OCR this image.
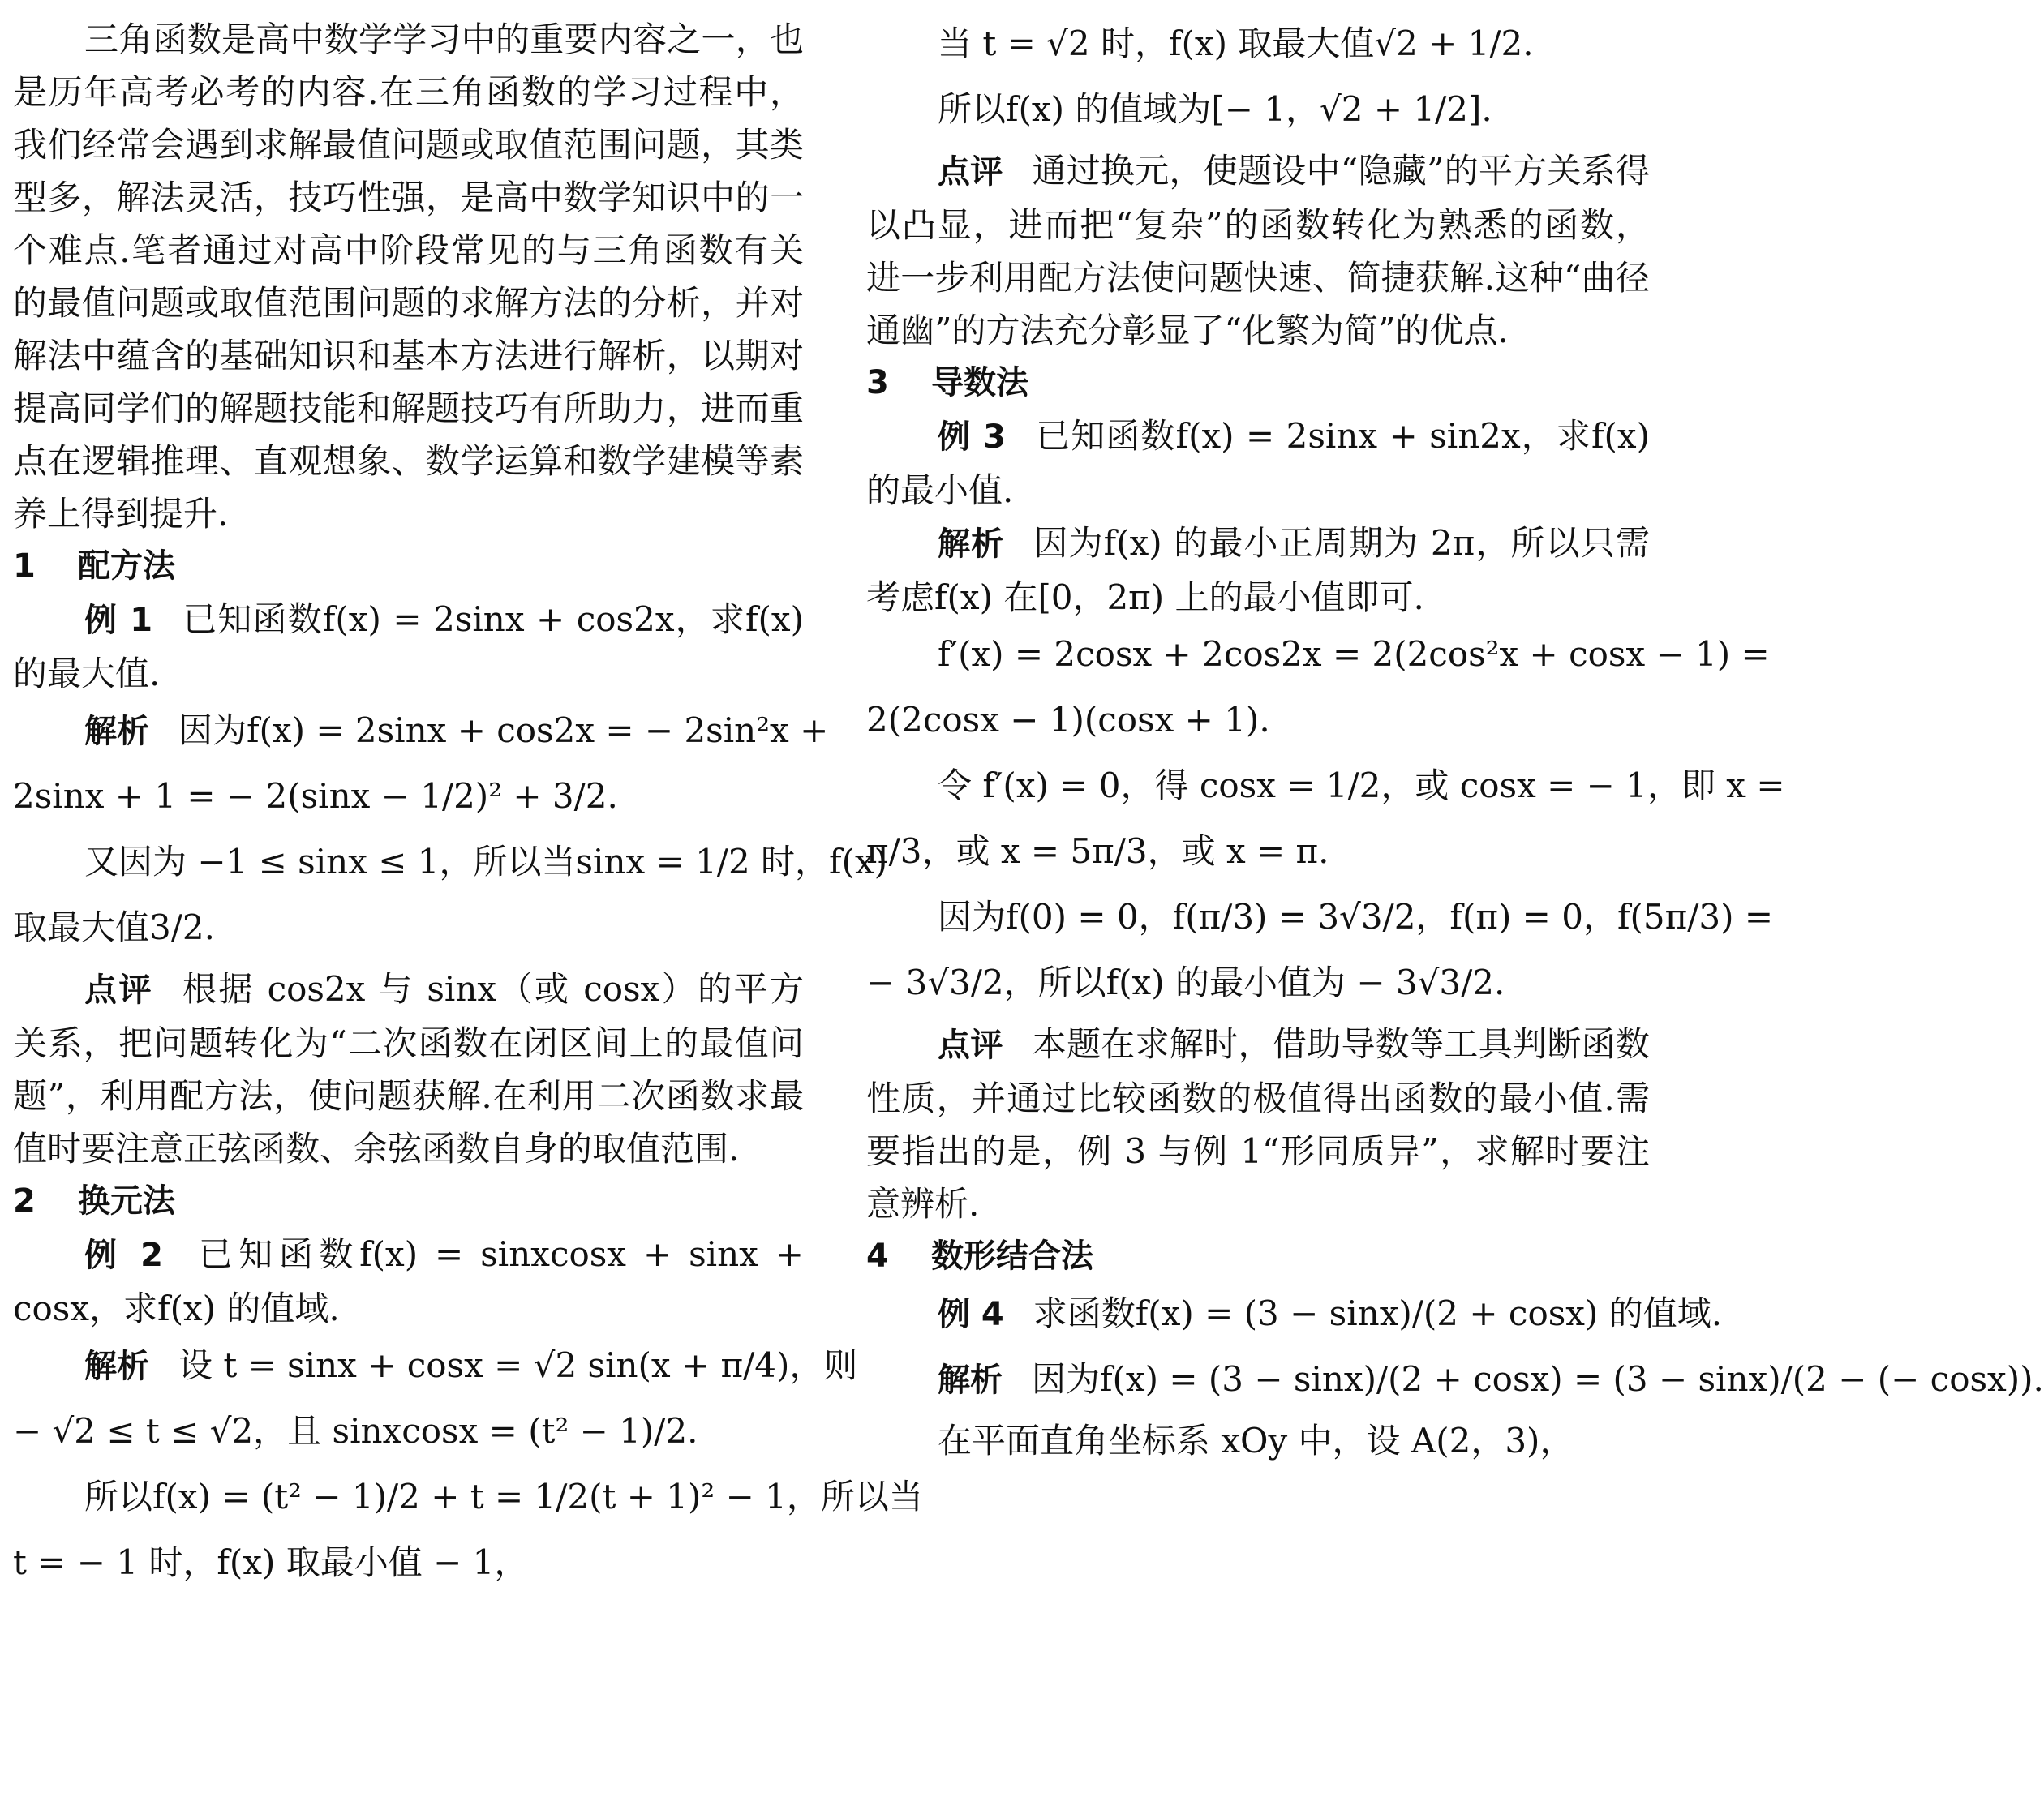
三角函数是高中数学学习中的重要内容之一，也是历年高考必考的内容.在三角函数的学习过程中，我们经常会遇到求解最值问题或取值范围问题，其类型多，解法灵活，技巧性强，是高中数学知识中的一个难点.笔者通过对高中阶段常见的与三角函数有关的最值问题或取值范围问题的求解方法的分析，并对解法中蕴含的基础知识和基本方法进行解析，以期对提高同学们的解题技能和解题技巧有所助力，进而重点在逻辑推理、直观想象、数学运算和数学建模等素养上得到提升.

1 配方法

例 1 已知函数f(x) = 2sinx + cos2x，求f(x) 的最大值.

解析 因为f(x) = 2sinx + cos2x = − 2sin²x +

2sinx + 1 = − 2(sinx − 1/2)² + 3/2.

又因为 −1 ≤ sinx ≤ 1，所以当sinx = 1/2 时，f(x)

取最大值3/2.

点评 根据 cos2x 与 sinx（或 cosx）的平方关系，把问题转化为“二次函数在闭区间上的最值问题”，利用配方法，使问题获解.在利用二次函数求最值时要注意正弦函数、余弦函数自身的取值范围.

2 换元法

例 2 已知函数f(x) = sinxcosx + sinx + cosx，求f(x) 的值域.

解析 设 t = sinx + cosx = √2 sin(x + π/4)，则

− √2 ≤ t ≤ √2，且 sinxcosx = (t² − 1)/2.

所以f(x) = (t² − 1)/2 + t = 1/2(t + 1)² − 1，所以当

t = − 1 时，f(x) 取最小值 − 1，

当 t = √2 时，f(x) 取最大值√2 + 1/2.

所以f(x) 的值域为[− 1，√2 + 1/2].

点评 通过换元，使题设中“隐藏”的平方关系得以凸显，进而把“复杂”的函数转化为熟悉的函数，进一步利用配方法使问题快速、简捷获解.这种“曲径通幽”的方法充分彰显了“化繁为简”的优点.

3 导数法

例 3 已知函数f(x) = 2sinx + sin2x，求f(x) 的最小值.

解析 因为f(x) 的最小正周期为 2π，所以只需考虑f(x) 在[0，2π) 上的最小值即可.

f′(x) = 2cosx + 2cos2x = 2(2cos²x + cosx − 1) =

2(2cosx − 1)(cosx + 1).

令 f′(x) = 0，得 cosx = 1/2，或 cosx = − 1，即 x =

π/3，或 x = 5π/3，或 x = π.

因为f(0) = 0，f(π/3) = 3√3/2，f(π) = 0，f(5π/3) =

− 3√3/2，所以f(x) 的最小值为 − 3√3/2.

点评 本题在求解时，借助导数等工具判断函数性质，并通过比较函数的极值得出函数的最小值.需要指出的是，例 3 与例 1“形同质异”，求解时要注意辨析.

4 数形结合法

例 4 求函数f(x) = (3 − sinx)/(2 + cosx) 的值域.

解析 因为f(x) = (3 − sinx)/(2 + cosx) = (3 − sinx)/(2 − (− cosx)).

在平面直角坐标系 xOy 中，设 A(2，3)，
